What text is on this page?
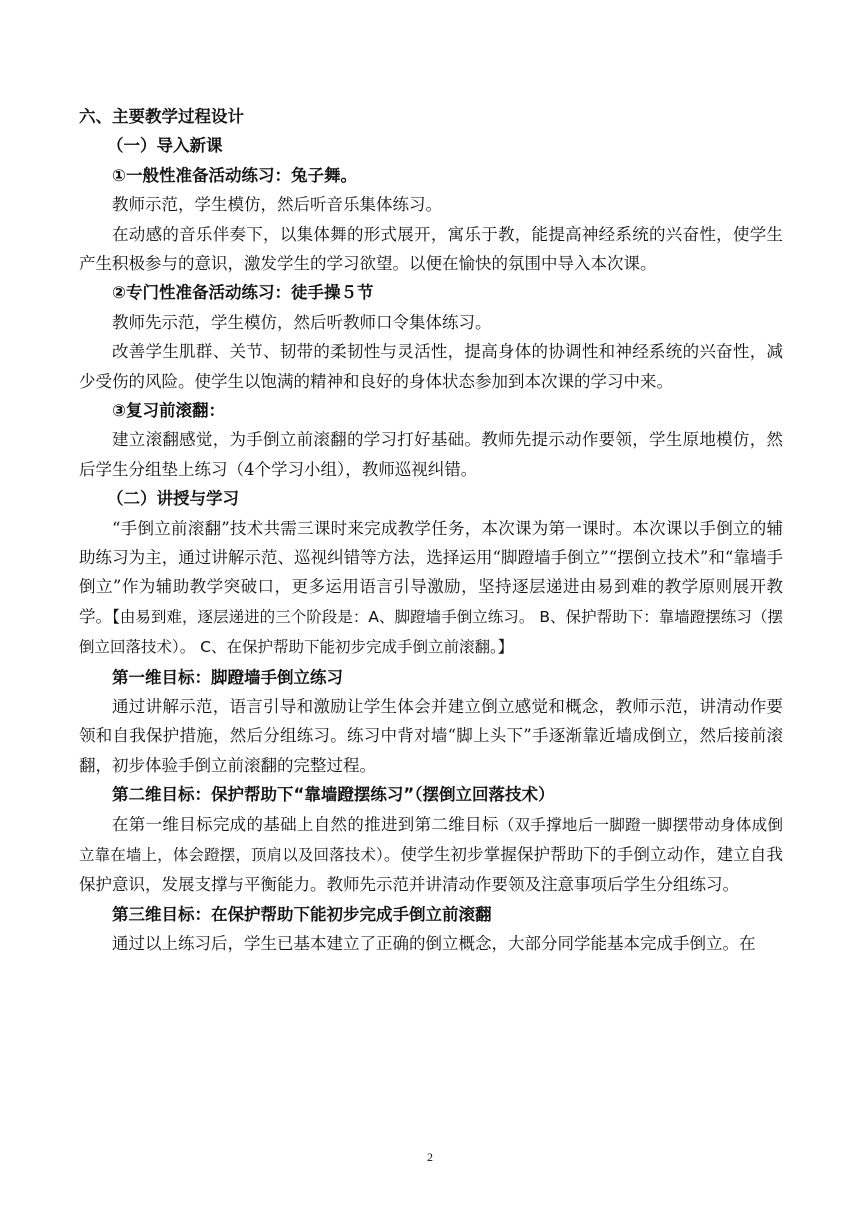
六、主要教学过程设计
（一）导入新课
①一般性准备活动练习：兔子舞。
教师示范，学生模仿，然后听音乐集体练习。

在动感的音乐伴奏下，以集体舞的形式展开，寓乐于教，能提高神经系统的兴奋性，使学生产生积极参与的意识，激发学生的学习欲望。以便在愉快的氛围中导入本次课。

②专门性准备活动练习：徒手操５节
教师先示范，学生模仿，然后听教师口令集体练习。

改善学生肌群、关节、韧带的柔韧性与灵活性，提高身体的协调性和神经系统的兴奋性，减少受伤的风险。使学生以饱满的精神和良好的身体状态参加到本次课的学习中来。

③复习前滚翻：

建立滚翻感觉，为手倒立前滚翻的学习打好基础。教师先提示动作要领，学生原地模仿，然后学生分组垫上练习（4个学习小组），教师巡视纠错。

（二）讲授与学习

“手倒立前滚翻”技术共需三课时来完成教学任务，本次课为第一课时。本次课以手倒立的辅助练习为主，通过讲解示范、巡视纠错等方法，选择运用“脚蹬墙手倒立”“摆倒立技术”和“靠墙手倒立”作为辅助教学突破口，更多运用语言引导激励，坚持逐层递进由易到难的教学原则展开教学。【由易到难，逐层递进的三个阶段是：A、脚蹬墙手倒立练习。 B、保护帮助下：靠墙蹬摆练习（摆倒立回落技术）。 C、在保护帮助下能初步完成手倒立前滚翻。】

第一维目标：脚蹬墙手倒立练习

通过讲解示范，语言引导和激励让学生体会并建立倒立感觉和概念，教师示范，讲清动作要领和自我保护措施，然后分组练习。练习中背对墙“脚上头下”手逐渐靠近墙成倒立，然后接前滚翻，初步体验手倒立前滚翻的完整过程。

第二维目标：保护帮助下“靠墙蹬摆练习”（摆倒立回落技术）

在第一维目标完成的基础上自然的推进到第二维目标（双手撑地后一脚蹬一脚摆带动身体成倒立靠在墙上，体会蹬摆，顶肩以及回落技术）。使学生初步掌握保护帮助下的手倒立动作，建立自我保护意识，发展支撑与平衡能力。教师先示范并讲清动作要领及注意事项后学生分组练习。

第三维目标：在保护帮助下能初步完成手倒立前滚翻

通过以上练习后，学生已基本建立了正确的倒立概念，大部分同学能基本完成手倒立。在

2
